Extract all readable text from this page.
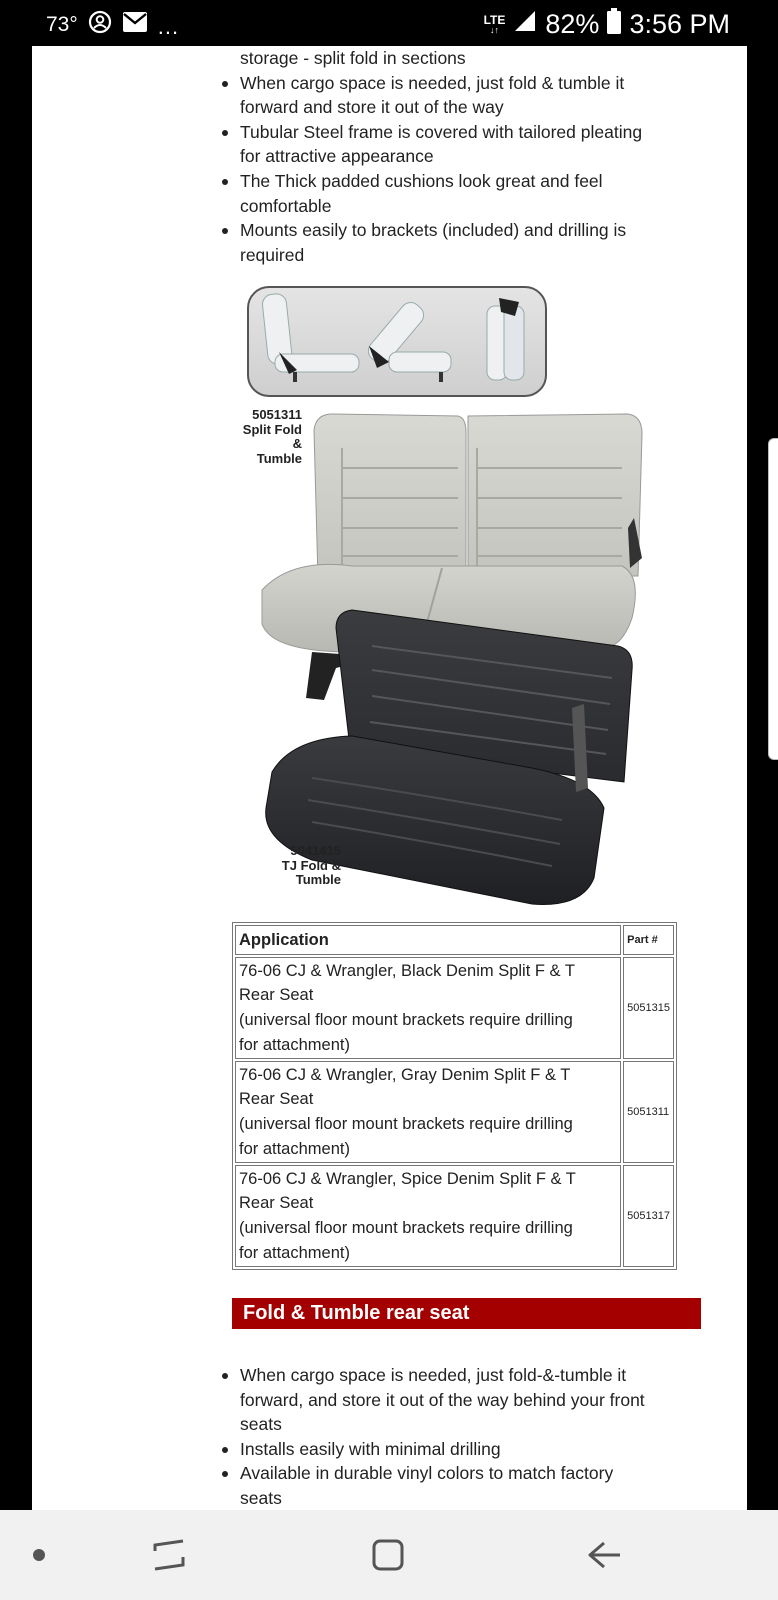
73°	...	LTE
↓↑ 82% 3:56 PM
storage - split fold in sections
When cargo space is needed, just fold & tumble it
forward and store it out of the way
Tubular Steel frame is covered with tailored pleating
for attractive appearance
The Thick padded cushions look great and feel
comfortable
Mounts easily to brackets (included) and drilling is
required
5051311
Split Fold &
Tumble
5041415
TJ Fold &
Tumble
Application	Part #
76-06 CJ & Wrangler, Black Denim Split F & T
Rear Seat
(universal floor mount brackets require drilling
for attachment)	5051315
76-06 CJ & Wrangler, Gray Denim Split F & T
Rear Seat
(universal floor mount brackets require drilling
for attachment)	5051311
76-06 CJ & Wrangler, Spice Denim Split F & T
Rear Seat
(universal floor mount brackets require drilling
for attachment)	5051317
Fold & Tumble rear seat
When cargo space is needed, just fold-&-tumble it
forward, and store it out of the way behind your front
seats
Installs easily with minimal drilling
Available in durable vinyl colors to match factory
seats
